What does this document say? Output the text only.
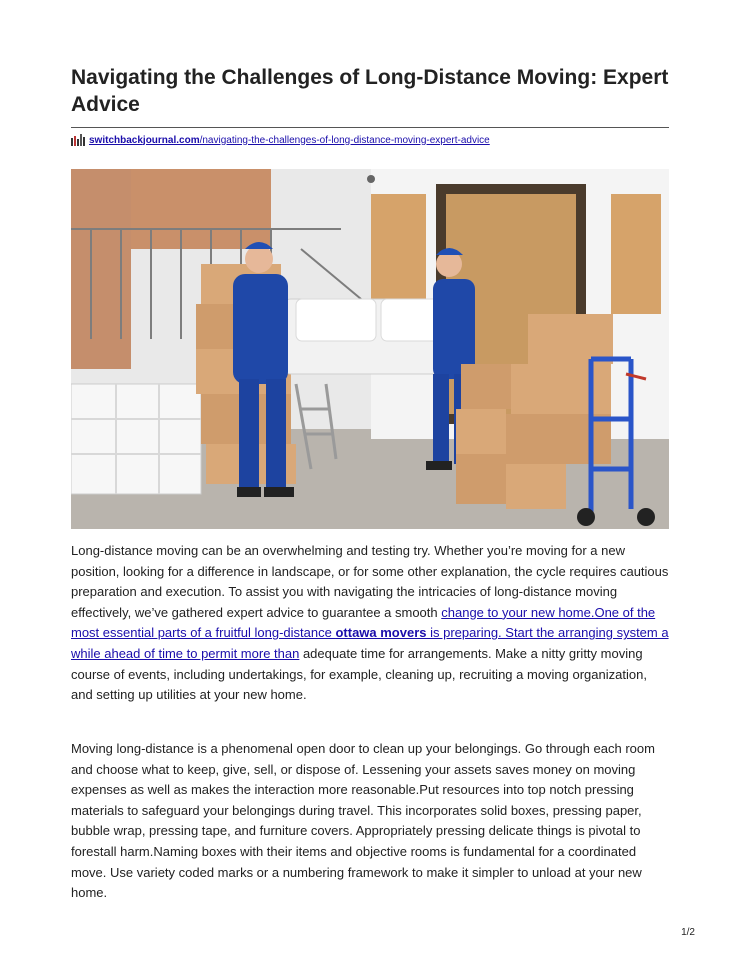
Navigating the Challenges of Long-Distance Moving: Expert Advice
switchbackjournal.com/navigating-the-challenges-of-long-distance-moving-expert-advice

Long-distance moving can be an overwhelming and testing try. Whether you’re moving for a new position, looking for a difference in landscape, or for some other explanation, the cycle requires cautious preparation and execution. To assist you with navigating the intricacies of long-distance moving effectively, we’ve gathered expert advice to guarantee a smooth change to your new home.One of the most essential parts of a fruitful long-distance ottawa movers is preparing. Start the arranging system a while ahead of time to permit more than adequate time for arrangements. Make a nitty gritty moving course of events, including undertakings, for example, cleaning up, recruiting a moving organization, and setting up utilities at your new home.

Moving long-distance is a phenomenal open door to clean up your belongings. Go through each room and choose what to keep, give, sell, or dispose of. Lessening your assets saves money on moving expenses as well as makes the interaction more reasonable.Put resources into top notch pressing materials to safeguard your belongings during travel. This incorporates solid boxes, pressing paper, bubble wrap, pressing tape, and furniture covers. Appropriately pressing delicate things is pivotal to forestall harm.Naming boxes with their items and objective rooms is fundamental for a coordinated move. Use variety coded marks or a numbering framework to make it simpler to unload at your new home.

1/2
